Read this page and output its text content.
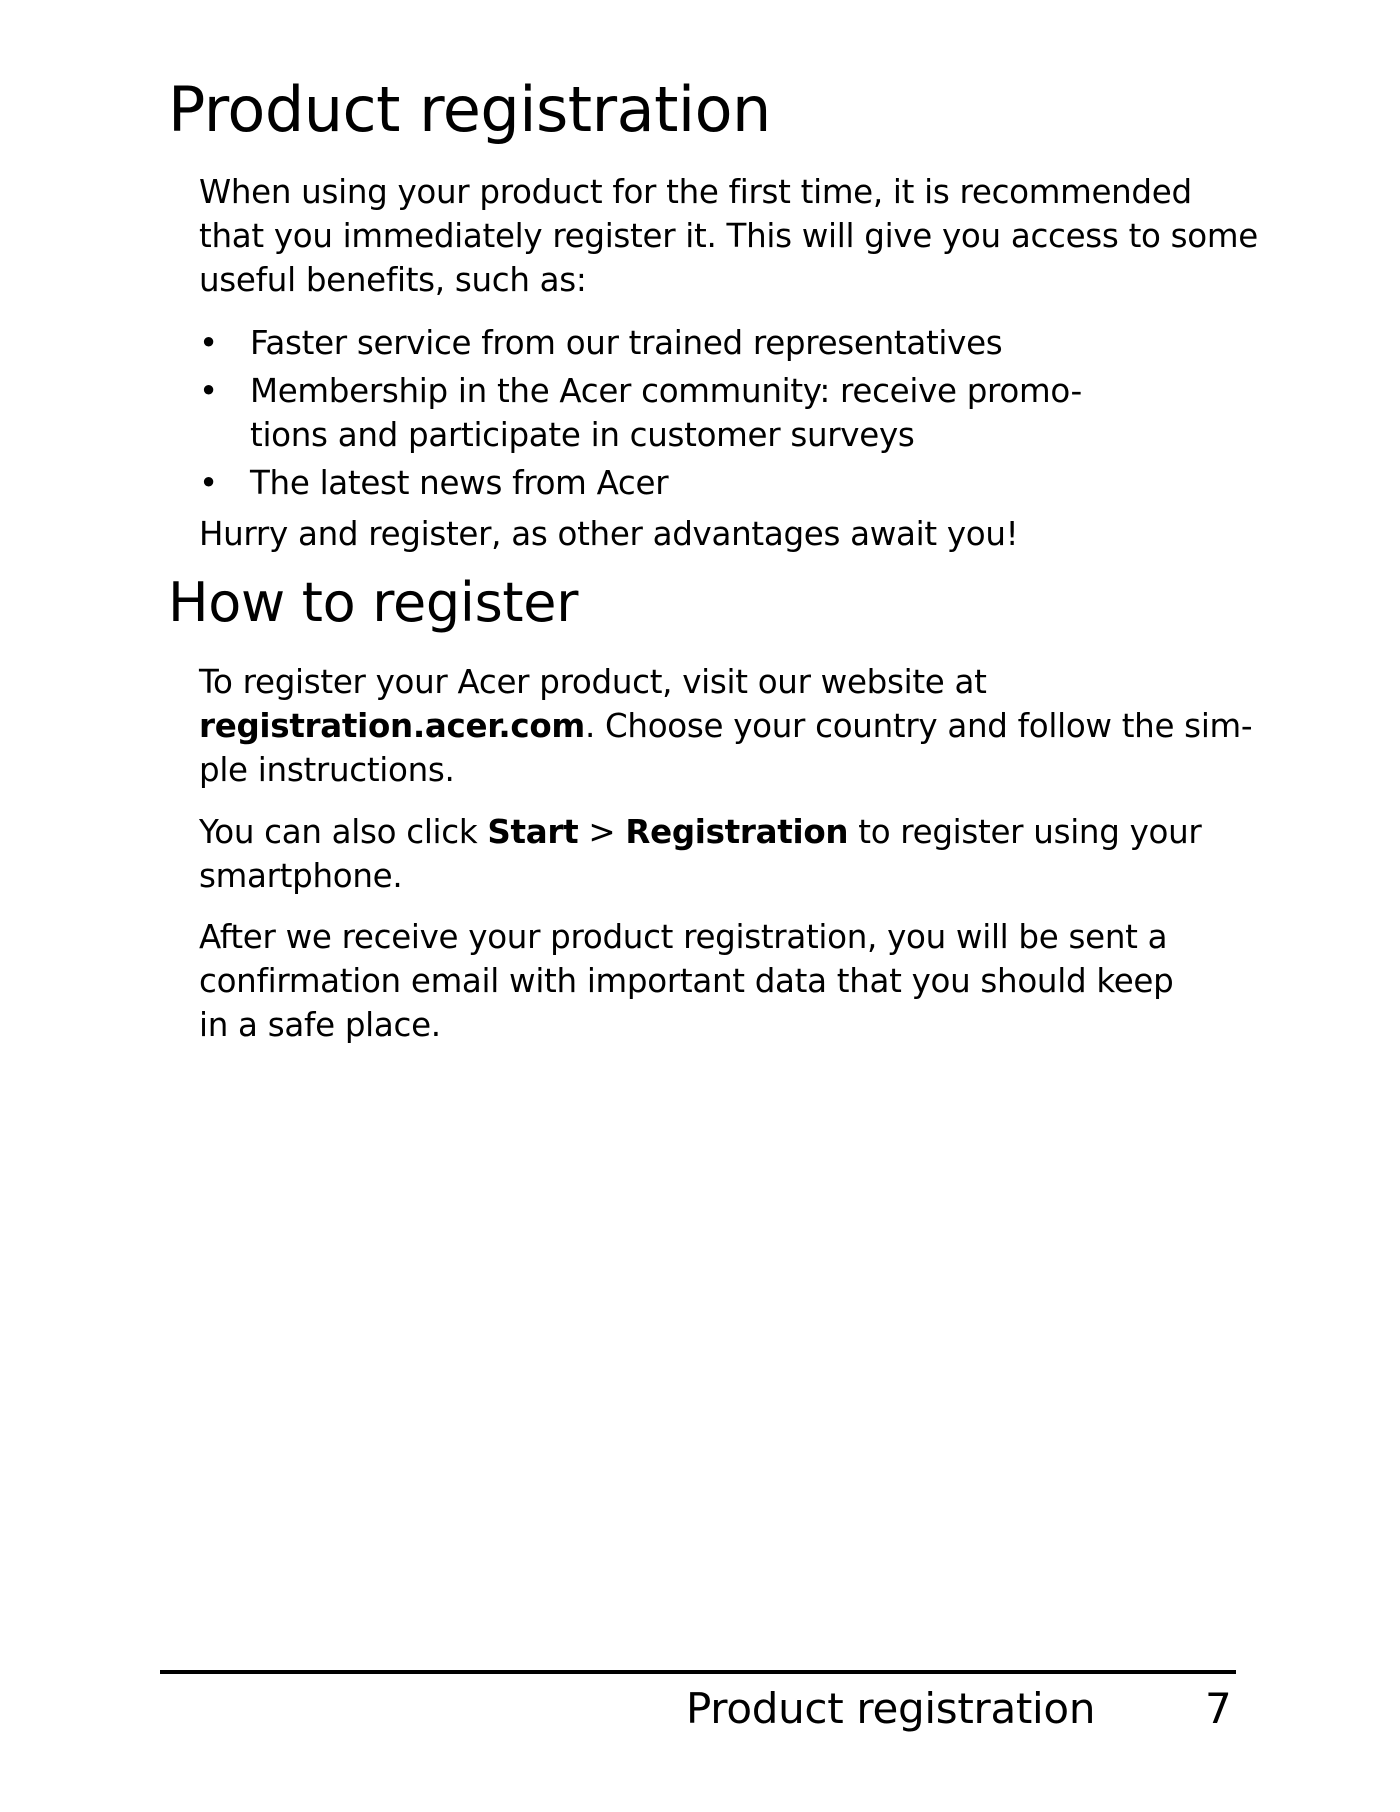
Product registration

When using your product for the first time, it is recommended that you immediately register it. This will give you access to some useful benefits, such as:

• Faster service from our trained representatives
• Membership in the Acer community: receive promo-
tions and participate in customer surveys
• The latest news from Acer

Hurry and register, as other advantages await you!

How to register

To register your Acer product, visit our website at
registration.acer.com. Choose your country and follow the sim-
ple instructions.

You can also click Start > Registration to register using your
smartphone.

After we receive your product registration, you will be sent a
confirmation email with important data that you should keep
in a safe place.

Product registration	7
